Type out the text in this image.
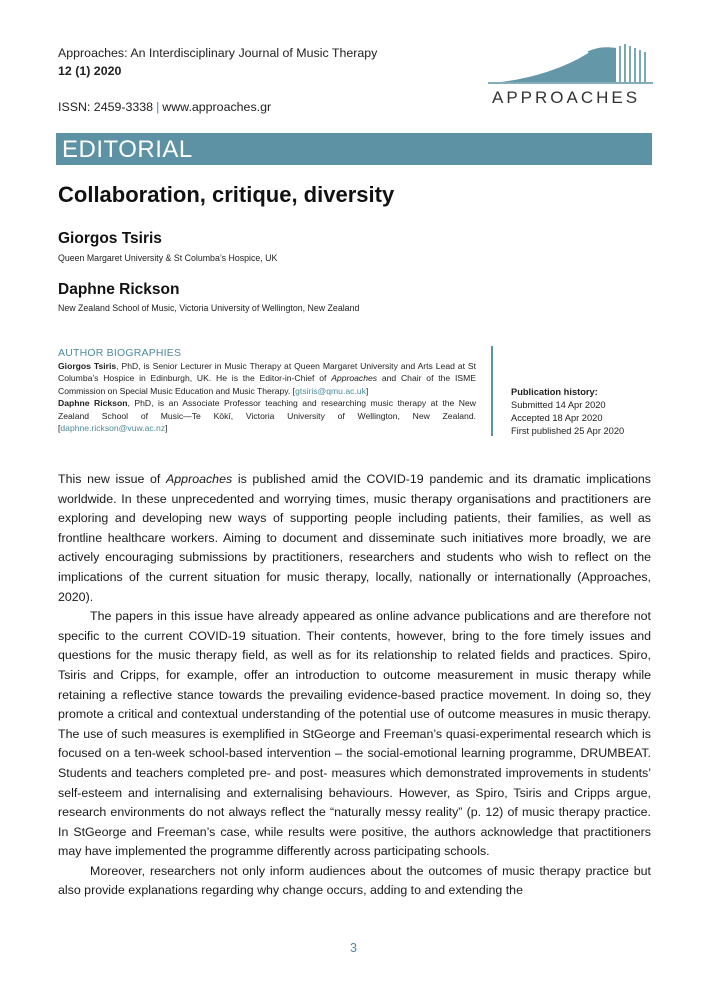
Approaches: An Interdisciplinary Journal of Music Therapy
12 (1) 2020
ISSN: 2459-3338 | www.approaches.gr	APPROACHES
EDITORIAL
Collaboration, critique, diversity
Giorgos Tsiris
Queen Margaret University & St Columba’s Hospice, UK
Daphne Rickson
New Zealand School of Music, Victoria University of Wellington, New Zealand
AUTHOR BIOGRAPHIES
Giorgos Tsiris, PhD, is Senior Lecturer in Music Therapy at Queen Margaret University and Arts Lead at St Columba’s Hospice in Edinburgh, UK. He is the Editor-in-Chief of Approaches and Chair of the ISME Commission on Special Music Education and Music Therapy. [gtsiris@qmu.ac.uk]
Daphne Rickson, PhD, is an Associate Professor teaching and researching music therapy at the New Zealand School of Music—Te Kōkī, Victoria University of Wellington, New Zealand. [daphne.rickson@vuw.ac.nz]
Publication history:
Submitted 14 Apr 2020
Accepted 18 Apr 2020
First published 25 Apr 2020

This new issue of Approaches is published amid the COVID-19 pandemic and its dramatic implications worldwide. In these unprecedented and worrying times, music therapy organisations and practitioners are exploring and developing new ways of supporting people including patients, their families, as well as frontline healthcare workers. Aiming to document and disseminate such initiatives more broadly, we are actively encouraging submissions by practitioners, researchers and students who wish to reflect on the implications of the current situation for music therapy, locally, nationally or internationally (Approaches, 2020).

The papers in this issue have already appeared as online advance publications and are therefore not specific to the current COVID-19 situation. Their contents, however, bring to the fore timely issues and questions for the music therapy field, as well as for its relationship to related fields and practices. Spiro, Tsiris and Cripps, for example, offer an introduction to outcome measurement in music therapy while retaining a reflective stance towards the prevailing evidence-based practice movement. In doing so, they promote a critical and contextual understanding of the potential use of outcome measures in music therapy. The use of such measures is exemplified in StGeorge and Freeman’s quasi-experimental research which is focused on a ten-week school-based intervention – the social-emotional learning programme, DRUMBEAT. Students and teachers completed pre- and post- measures which demonstrated improvements in students’ self-esteem and internalising and externalising behaviours. However, as Spiro, Tsiris and Cripps argue, research environments do not always reflect the “naturally messy reality” (p. 12) of music therapy practice. In StGeorge and Freeman’s case, while results were positive, the authors acknowledge that practitioners may have implemented the programme differently across participating schools.

Moreover, researchers not only inform audiences about the outcomes of music therapy practice but also provide explanations regarding why change occurs, adding to and extending the

3
